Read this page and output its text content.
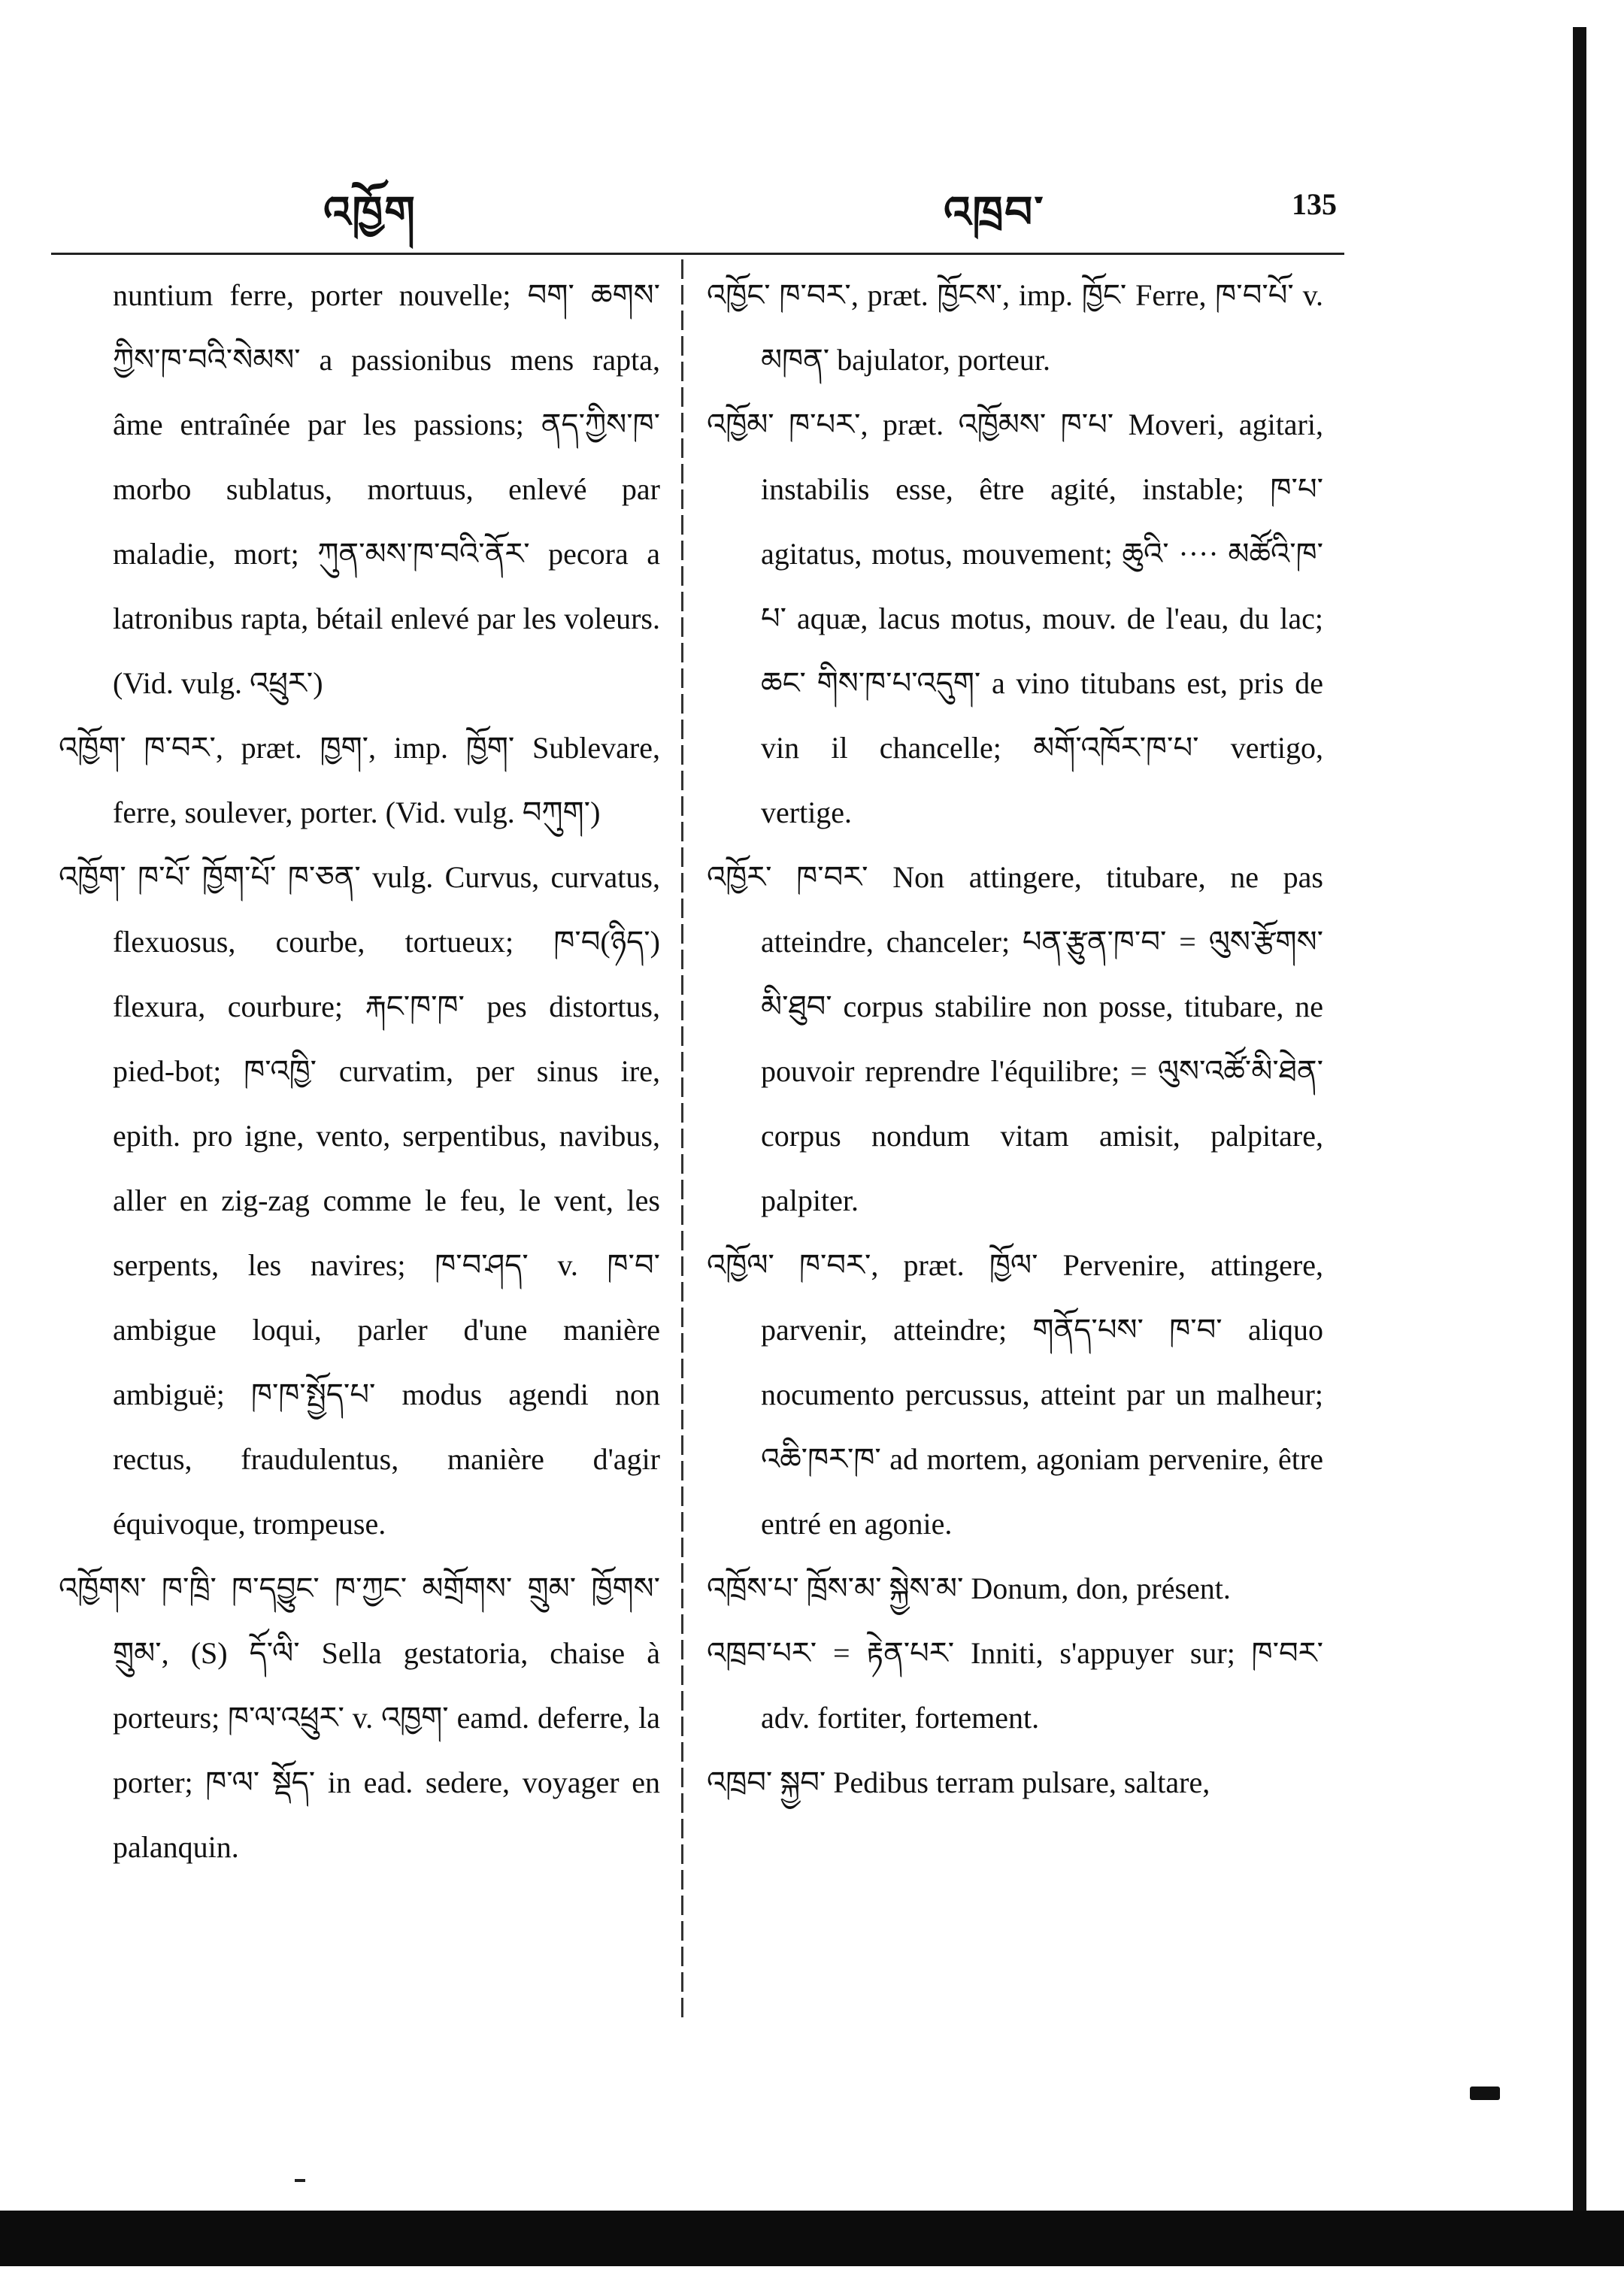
འཁྱོག	འཁྲབ་	135

nuntium ferre, porter nouvelle; བག་ ཆགས་ཀྱིས་ཁ་བའི་སེམས་ a passionibus mens rapta, âme entraînée par les passions; ནད་ཀྱིས་ཁ་ morbo sublatus, mortuus, enlevé par maladie, mort; ཀུན་མས་ཁ་བའི་ནོར་ pecora a latronibus rapta, bétail enlevé par les voleurs. (Vid. vulg. འཕྲུར་)

འཁྱོག་ ཁ་བར་, præt. ཁྱག་, imp. ཁྱོག་ Sublevare, ferre, soulever, porter. (Vid. vulg. བཀུག་)

འཁྱོག་ ཁ་པོ་ ཁྱོག་པོ་ ཁ་ཅན་ vulg. Curvus, curvatus, flexuosus, courbe, tortueux; ཁ་བ(ཉིད་) flexura, courbure; རྐང་ཁ་ཁ་ pes distortus, pied-bot; ཁ་འཁྱི་ curvatim, per sinus ire, epith. pro igne, vento, serpentibus, navibus, aller en zig-zag comme le feu, le vent, les serpents, les navires; ཁ་བ་ཤད་ v. ཁ་བ་ ambigue loqui, parler d'une manière ambiguë; ཁ་ཁ་སྤྱོད་པ་ modus agendi non rectus, fraudulentus, manière d'agir équivoque, trompeuse.

འཁྱོགས་ ཁ་ཁྲི་ ཁ་དབྱུང་ ཁ་ཀྱང་ མགྲོགས་ གྲུམ་ ཁྱོགས་ གྲུམ་, (S) དོ་ལི་ Sella gestatoria, chaise à porteurs; ཁ་ལ་འཕྲུར་ v. འཁྱག་ eamd. deferre, la porter; ཁ་ལ་ སྡོད་ in ead. sedere, voyager en palanquin.

འཁྱོང་ ཁ་བར་, præt. ཁྱོངས་, imp. ཁྱོང་ Ferre, ཁ་བ་པོ་ v. མཁན་ bajulator, porteur.

འཁྱོམ་ ཁ་པར་, præt. འཁྱོམས་ ཁ་པ་ Moveri, agitari, instabilis esse, être agité, instable; ཁ་པ་ agitatus, motus, mouvement; ཆུའི་ ···· མཚོའི་ཁ་པ་ aquæ, lacus motus, mouv. de l'eau, du lac; ཆང་ གིས་ཁ་པ་འདུག་ a vino titubans est, pris de vin il chancelle; མགོ་འཁོར་ཁ་པ་ vertigo, vertige.

འཁྱོར་ ཁ་བར་ Non attingere, titubare, ne pas atteindre, chanceler; པན་རྩུན་ཁ་བ་ = ལུས་རྩོགས་མི་ཐུབ་ corpus stabilire non posse, titubare, ne pouvoir reprendre l'équilibre; = ལུས་འཚོ་མི་ཐེན་ corpus nondum vitam amisit, palpitare, palpiter.

འཁྱོལ་ ཁ་བར་, præt. ཁྱོལ་ Pervenire, attingere, parvenir, atteindre; གནོད་པས་ ཁ་བ་ aliquo nocumento percussus, atteint par un malheur; འཆི་ཁར་ཁ་ ad mortem, agoniam pervenire, être entré en agonie.

འཁྲོས་པ་ ཁྲོས་མ་ སྐྱེས་མ་ Donum, don, présent.

འཁྲབ་པར་ = རྟེན་པར་ Inniti, s'appuyer sur; ཁ་བར་ adv. fortiter, fortement.

འཁྲབ་ སྐྱབ་ Pedibus terram pulsare, saltare,
